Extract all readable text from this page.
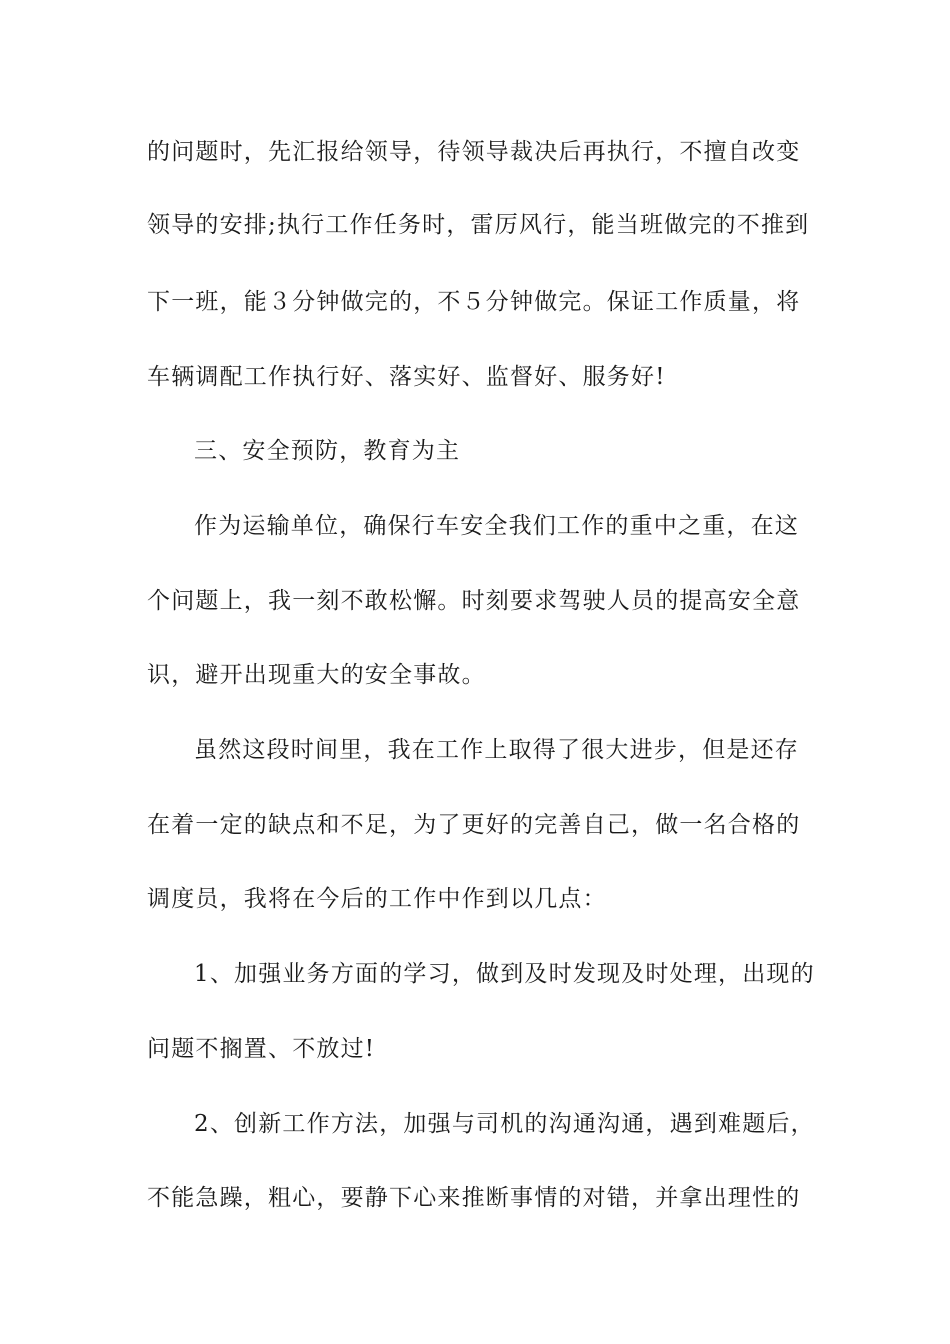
的问题时，先汇报给领导，待领导裁决后再执行，不擅自改变
领导的安排;执行工作任务时，雷厉风行，能当班做完的不推到
下一班，能３分钟做完的，不５分钟做完。保证工作质量，将
车辆调配工作执行好、落实好、监督好、服务好!
三、安全预防，教育为主
作为运输单位，确保行车安全我们工作的重中之重，在这
个问题上，我一刻不敢松懈。时刻要求驾驶人员的提高安全意
识，避开出现重大的安全事故。
虽然这段时间里，我在工作上取得了很大进步，但是还存
在着一定的缺点和不足，为了更好的完善自己，做一名合格的
调度员，我将在今后的工作中作到以几点：
1、加强业务方面的学习，做到及时发现及时处理，出现的
问题不搁置、不放过!
2、创新工作方法，加强与司机的沟通沟通，遇到难题后，
不能急躁，粗心，要静下心来推断事情的对错，并拿出理性的
